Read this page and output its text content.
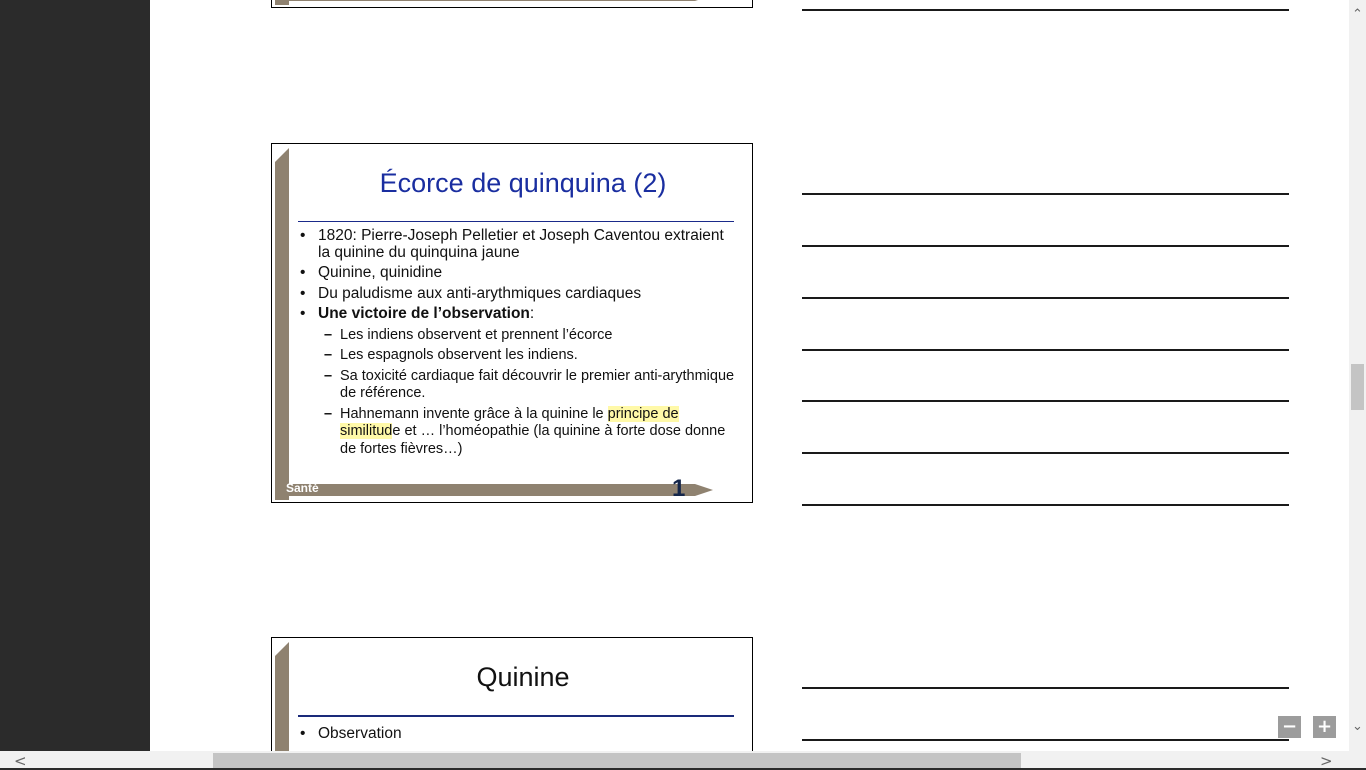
Écorce de quinquina (2)
• 1820: Pierre-Joseph Pelletier et Joseph Caventou extraient la quinine du quinquina jaune
• Quinine, quinidine
• Du paludisme aux anti-arythmiques cardiaques
• Une victoire de l’observation:
– Les indiens observent et prennent l’écorce
– Les espagnols observent les indiens.
– Sa toxicité cardiaque fait découvrir le premier anti-arythmique de référence.
– Hahnemann invente grâce à la quinine le principe de similitude et … l’homéopathie (la quinine à forte dose donne de fortes fièvres…)
Santé	1
Quinine
• Observation
⌃
⌄
<	>
− +
